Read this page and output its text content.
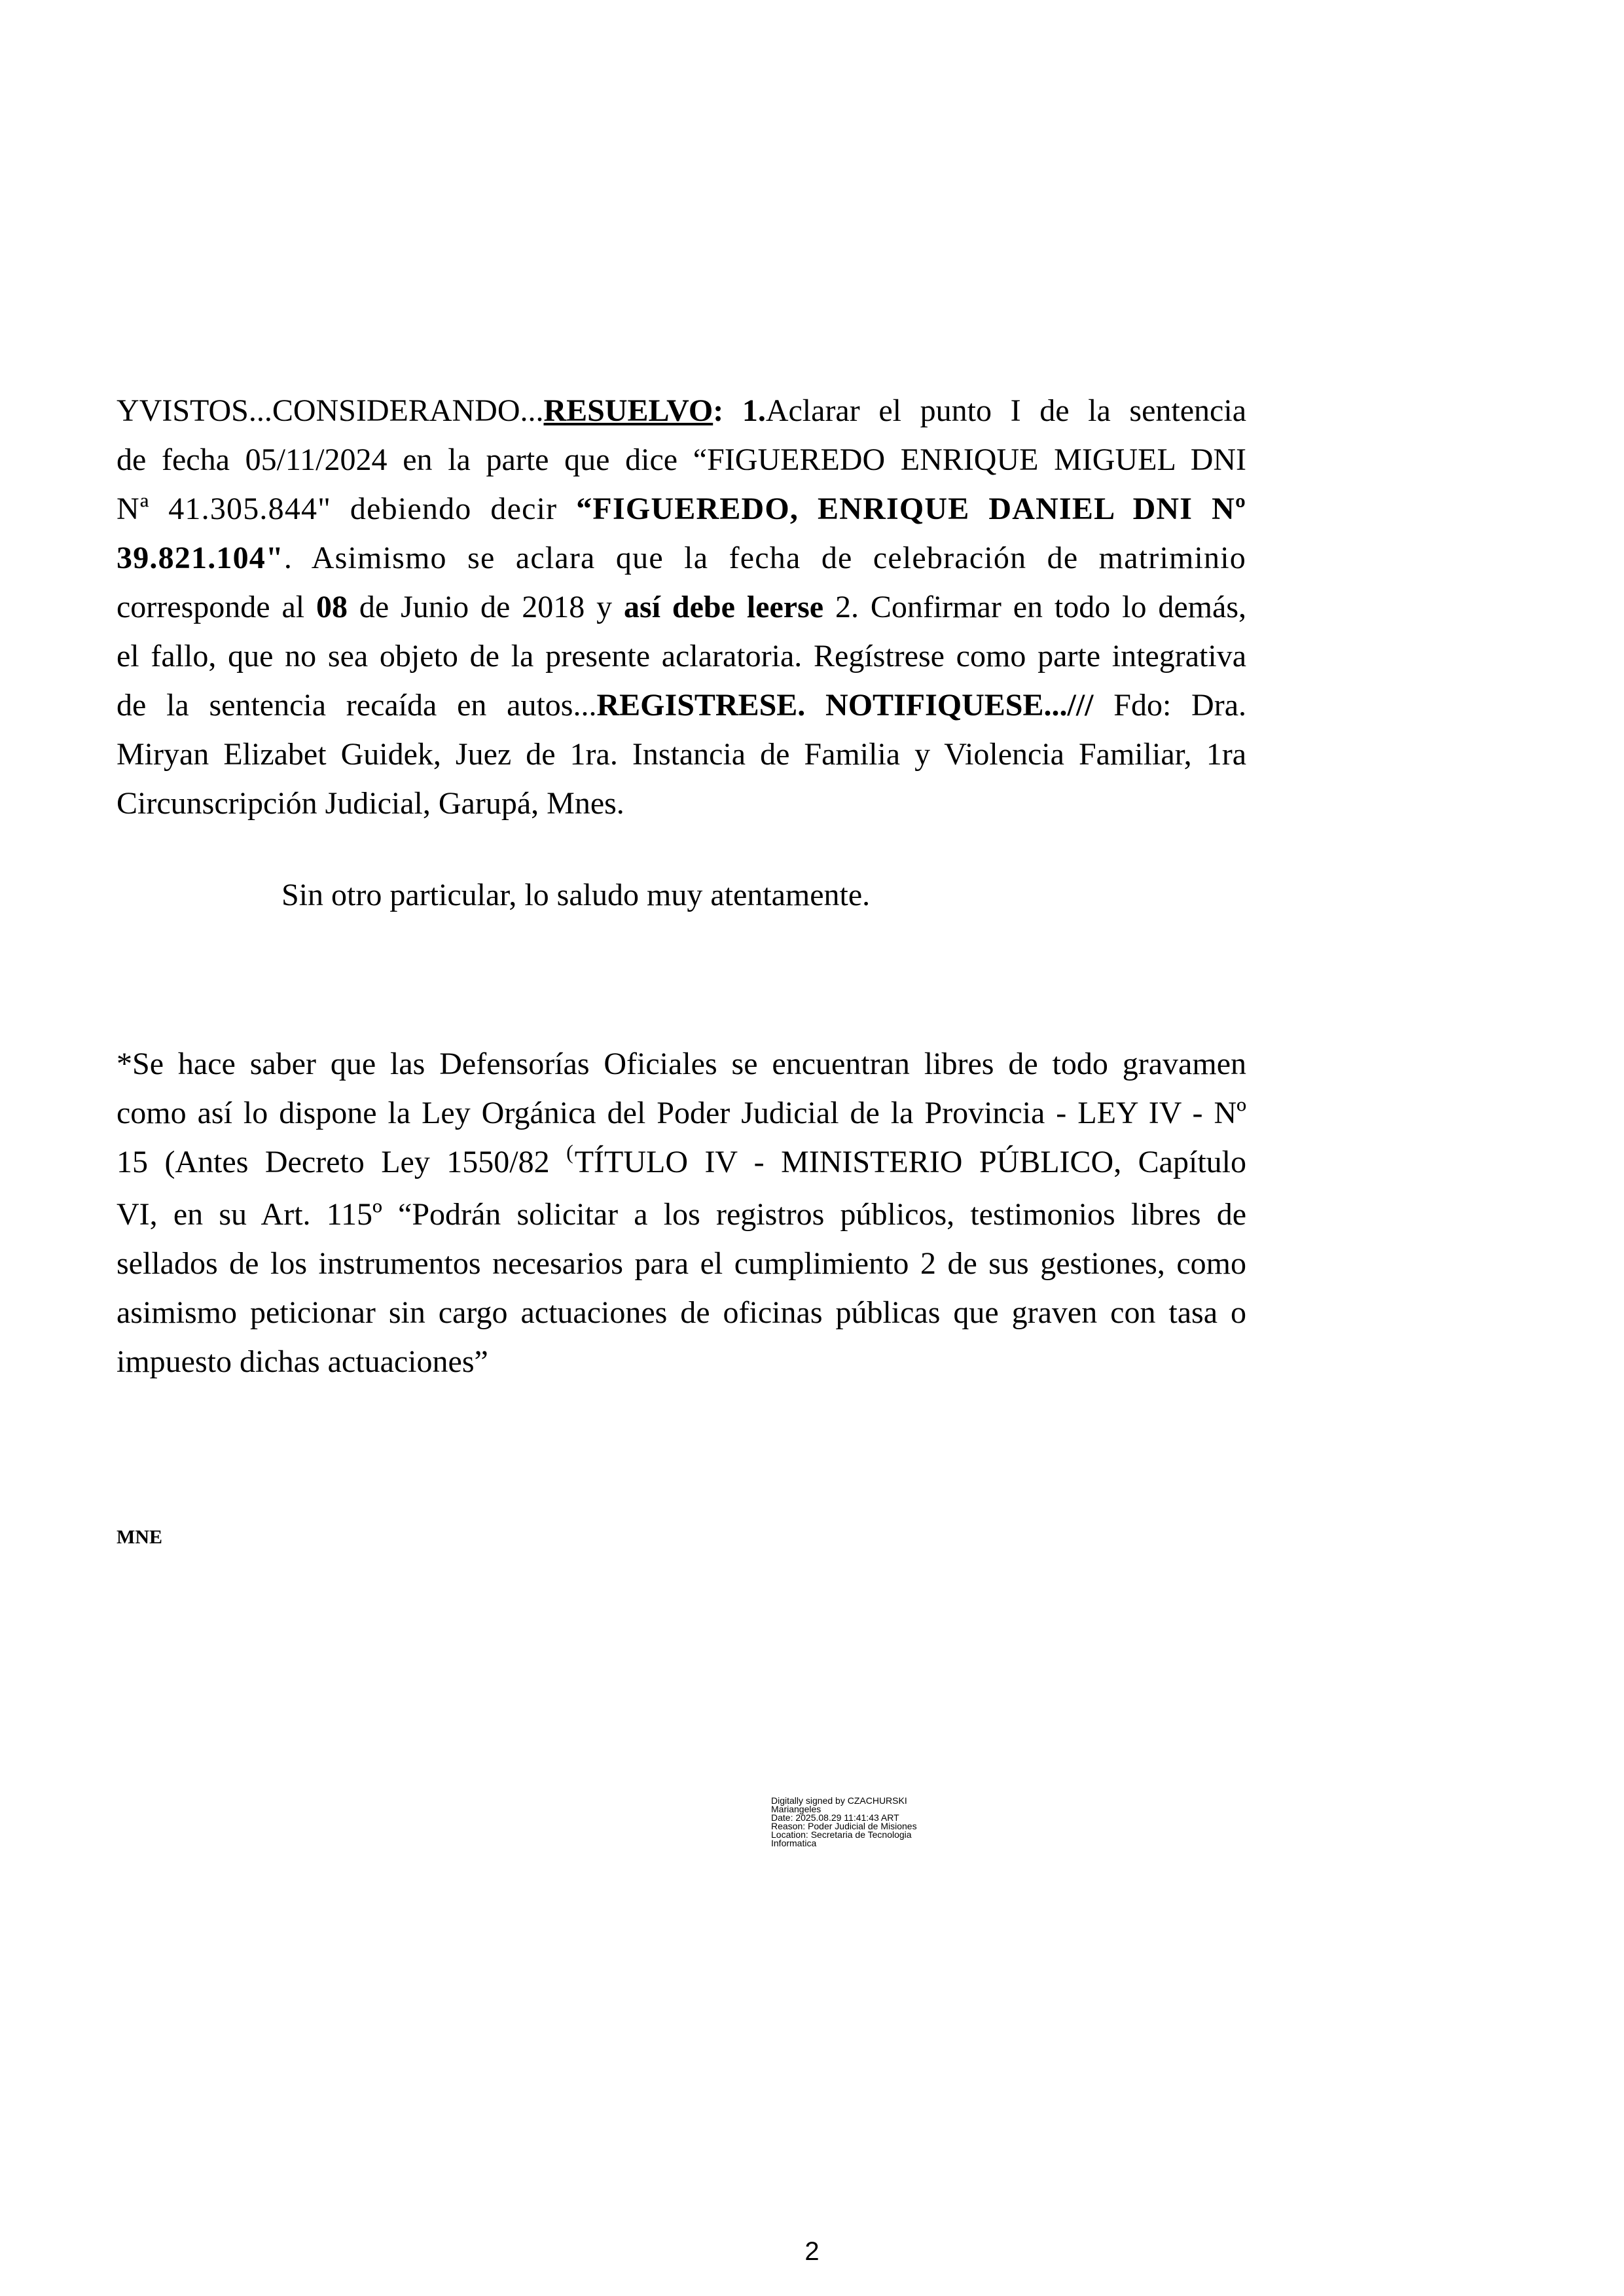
YVISTOS...CONSIDERANDO...RESUELVO: 1.Aclarar el punto I de la sentencia
de fecha 05/11/2024 en la parte que dice “FIGUEREDO ENRIQUE MIGUEL DNI
Nª 41.305.844" debiendo decir “FIGUEREDO, ENRIQUE DANIEL DNI Nº
39.821.104". Asimismo se aclara que la fecha de celebración de matriminio
corresponde al 08 de Junio de 2018 y así debe leerse 2. Confirmar en todo lo demás,
el fallo, que no sea objeto de la presente aclaratoria. Regístrese como parte integrativa
de la sentencia recaída en autos...REGISTRESE. NOTIFIQUESE.../// Fdo: Dra.
Miryan Elizabet Guidek, Juez de 1ra. Instancia de Familia y Violencia Familiar, 1ra
Circunscripción Judicial, Garupá, Mnes.
Sin otro particular, lo saludo muy atentamente.
*Se hace saber que las Defensorías Oficiales se encuentran libres de todo gravamen
como así lo dispone la Ley Orgánica del Poder Judicial de la Provincia - LEY IV - Nº
15 (Antes Decreto Ley 1550/82 (TÍTULO IV - MINISTERIO PÚBLICO, Capítulo
VI, en su Art. 115º “Podrán solicitar a los registros públicos, testimonios libres de
sellados de los instrumentos necesarios para el cumplimiento 2 de sus gestiones, como
asimismo peticionar sin cargo actuaciones de oficinas públicas que graven con tasa o
impuesto dichas actuaciones”
MNE
Digitally signed by CZACHURSKI
Mariangeles
Date: 2025.08.29 11:41:43 ART
Reason: Poder Judicial de Misiones
Location: Secretaria de Tecnologia
Informatica
2
